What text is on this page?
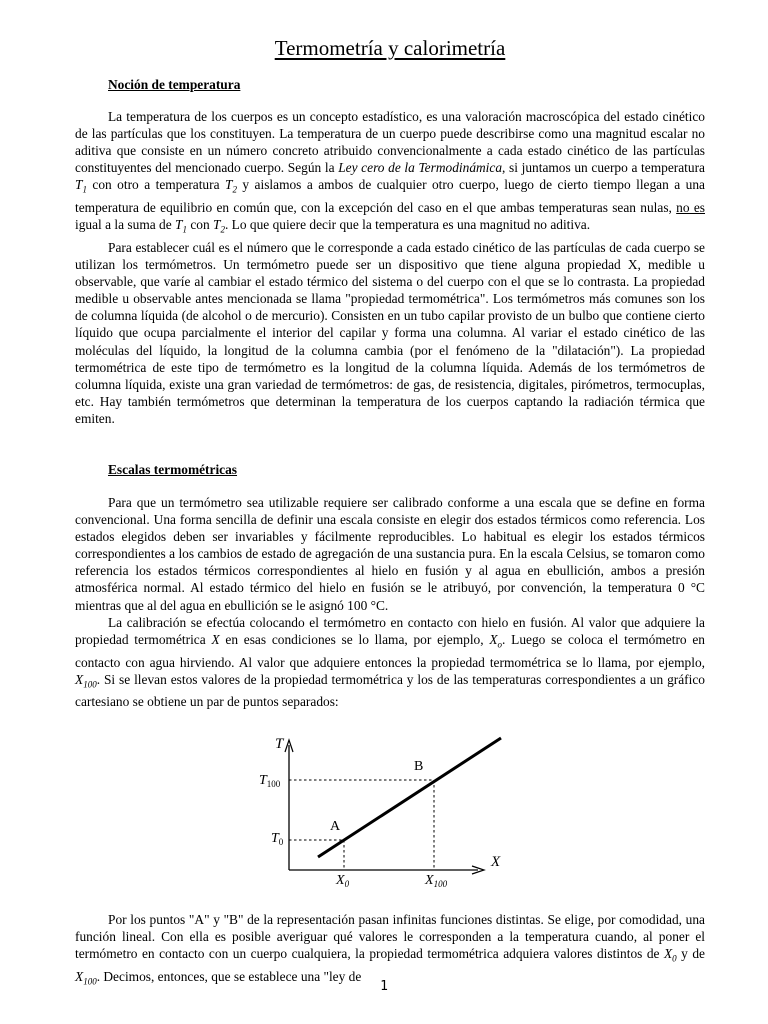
Termometría y calorimetría
Noción de temperatura

La temperatura de los cuerpos es un concepto estadístico, es una valoración macroscópica del estado cinético de las partículas que los constituyen. La temperatura de un cuerpo puede describirse como una magnitud escalar no aditiva que consiste en un número concreto atribuido convencionalmente a cada estado cinético de las partículas constituyentes del mencionado cuerpo. Según la Ley cero de la Termodinámica, si juntamos un cuerpo a temperatura $T_1$ con otro a temperatura $T_2$ y aislamos a ambos de cualquier otro cuerpo, luego de cierto tiempo llegan a una temperatura de equilibrio en común que, con la excepción del caso en el que ambas temperaturas sean nulas, no es igual a la suma de $T_1$ con $T_2$. Lo que quiere decir que la temperatura es una magnitud no aditiva.

Para establecer cuál es el número que le corresponde a cada estado cinético de las partículas de cada cuerpo se utilizan los termómetros. Un termómetro puede ser un dispositivo que tiene alguna propiedad X, medible u observable, que varíe al cambiar el estado térmico del sistema o del cuerpo con el que se lo contrasta. La propiedad medible u observable antes mencionada se llama "propiedad termométrica". Los termómetros más comunes son los de columna líquida (de alcohol o de mercurio). Consisten en un tubo capilar provisto de un bulbo que contiene cierto líquido que ocupa parcialmente el interior del capilar y forma una columna. Al variar el estado cinético de las moléculas del líquido, la longitud de la columna cambia (por el fenómeno de la "dilatación"). La propiedad termométrica de este tipo de termómetro es la longitud de la columna líquida. Además de los termómetros de columna líquida, existe una gran variedad de termómetros: de gas, de resistencia, digitales, pirómetros, termocuplas, etc. Hay también termómetros que determinan la temperatura de los cuerpos captando la radiación térmica que emiten.

Escalas termométricas

Para que un termómetro sea utilizable requiere ser calibrado conforme a una escala que se define en forma convencional. Una forma sencilla de definir una escala consiste en elegir dos estados térmicos como referencia. Los estados elegidos deben ser invariables y fácilmente reproducibles. Lo habitual es elegir los estados térmicos correspondientes a los cambios de estado de agregación de una sustancia pura. En la escala Celsius, se tomaron como referencia los estados térmicos correspondientes al hielo en fusión y al agua en ebullición, ambos a presión atmosférica normal. Al estado térmico del hielo en fusión se le atribuyó, por convención, la temperatura 0 °C mientras que al del agua en ebullición se le asignó 100 °C.

La calibración se efectúa colocando el termómetro en contacto con hielo en fusión. Al valor que adquiere la propiedad termométrica X en esas condiciones se lo llama, por ejemplo, $X_o$. Luego se coloca el termómetro en contacto con agua hirviendo. Al valor que adquiere entonces la propiedad termométrica se lo llama, por ejemplo, $X_{100}$. Si se llevan estos valores de la propiedad termométrica y los de las temperaturas correspondientes a un gráfico cartesiano se obtiene un par de puntos separados:

Por los puntos "A" y "B" de la representación pasan infinitas funciones distintas. Se elige, por comodidad, una función lineal. Con ella es posible averiguar qué valores le corresponden a la temperatura cuando, al poner el termómetro en contacto con un cuerpo cualquiera, la propiedad termométrica adquiera valores distintos de $X_0$ y de $X_{100}$. Decimos, entonces, que se establece una "ley de

T
X
$T_{100}$
$T_0$
$X_0$	$X_{100}$
A
B
1
